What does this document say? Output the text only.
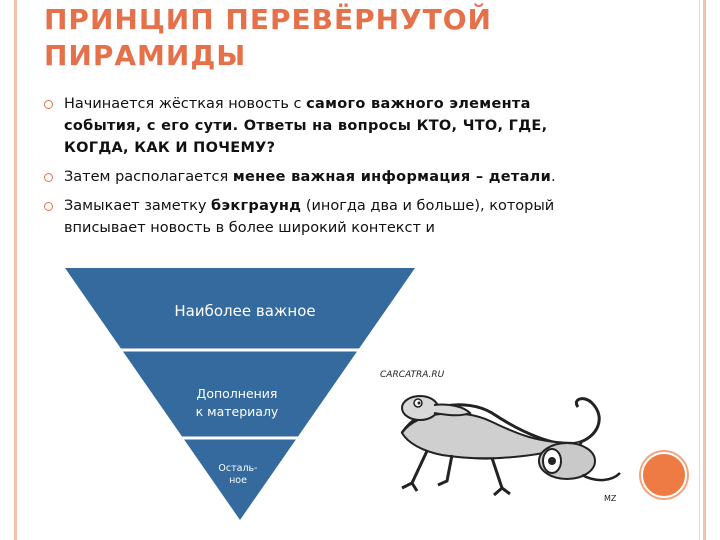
ПРИНЦИП ПЕРЕВЁРНУТОЙ ПИРАМИДЫ
Начинается жёсткая новость с самого важного элемента события, с его сути. Ответы на вопросы КТО, ЧТО, ГДЕ, КОГДА, КАК И ПОЧЕМУ?
Затем располагается менее важная информация – детали.
Замыкает заметку бэкграунд (иногда два и больше), который вписывает новость в более широкий контекст и
Наиболее важное
Дополнения
к материалу
Осталь-
ное
CARCATRA.RU
MZ
